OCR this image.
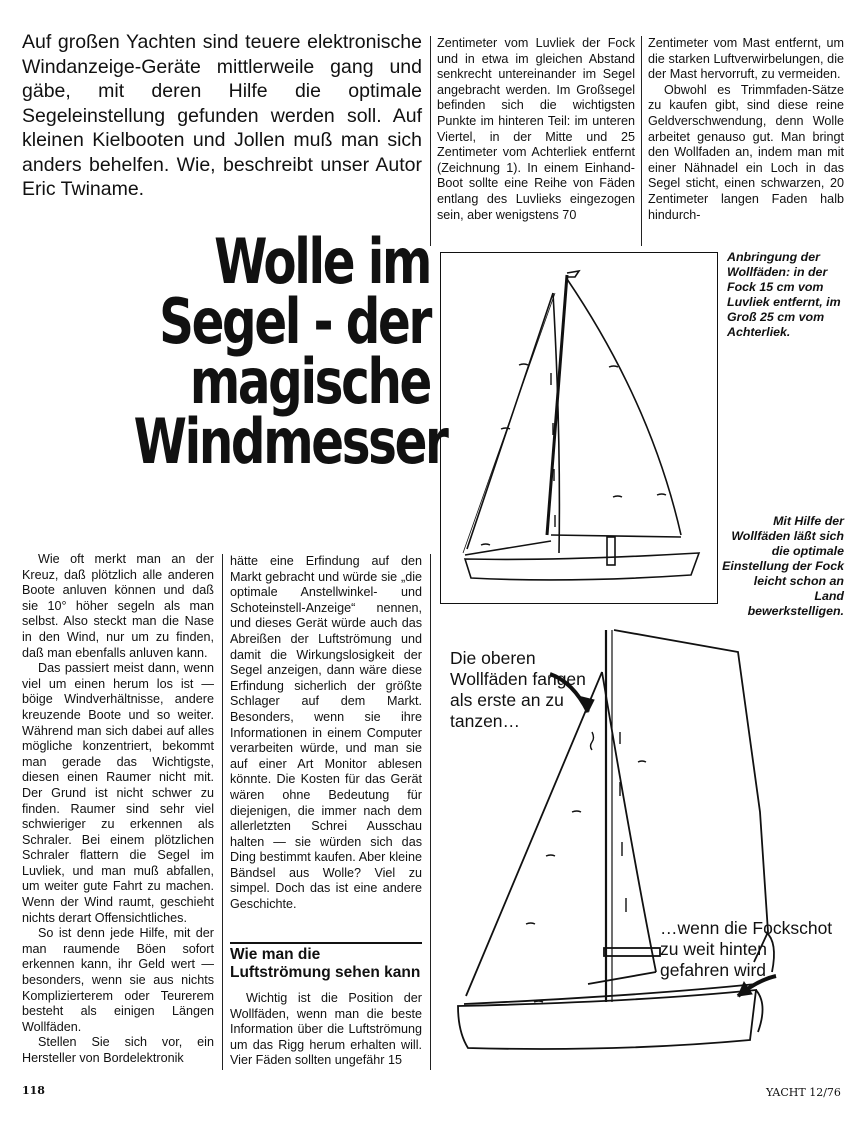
Auf großen Yachten sind teuere elektronische Windanzeige-Geräte mittlerweile gang und gäbe, mit deren Hilfe die optimale Segeleinstellung gefunden werden soll. Auf kleinen Kielbooten und Jollen muß man sich anders behelfen. Wie, beschreibt unser Autor Eric Twiname.
Wolle im
Segel - der
magische
Windmesser

Zentimeter vom Luvliek der Fock und in etwa im gleichen Abstand senkrecht untereinander im Segel angebracht werden. Im Großsegel befinden sich die wichtigsten Punkte im hinteren Teil: im unteren Viertel, in der Mitte und 25 Zentimeter vom Achterliek entfernt (Zeichnung 1). In einem Einhand-Boot sollte eine Reihe von Fäden entlang des Luvlieks eingezogen sein, aber wenigstens 70

Zentimeter vom Mast entfernt, um die starken Luftverwirbelungen, die der Mast hervorruft, zu vermeiden.

Obwohl es Trimmfaden-Sätze zu kaufen gibt, sind diese reine Geldverschwendung, denn Wolle arbeitet genauso gut. Man bringt den Wollfaden an, indem man mit einer Nähnadel ein Loch in das Segel sticht, einen schwarzen, 20 Zentimeter langen Faden halb hindurch-

Anbringung der Wollfäden: in der Fock 15 cm vom Luvliek entfernt, im Groß 25 cm vom Achterliek.
Mit Hilfe der Wollfäden läßt sich die optimale Einstellung der Fock leicht schon an Land bewerkstelligen.

Wie oft merkt man an der Kreuz, daß plötzlich alle anderen Boote anluven können und daß sie 10° höher segeln als man selbst. Also steckt man die Nase in den Wind, nur um zu finden, daß man ebenfalls anluven kann.

Das passiert meist dann, wenn viel um einen herum los ist — böige Windverhältnisse, andere kreuzende Boote und so weiter. Während man sich dabei auf alles mögliche konzentriert, bekommt man gerade das Wichtigste, diesen einen Raumer nicht mit. Der Grund ist nicht schwer zu finden. Raumer sind sehr viel schwieriger zu erkennen als Schraler. Bei einem plötzlichen Schraler flattern die Segel im Luvliek, und man muß abfallen, um weiter gute Fahrt zu machen. Wenn der Wind raumt, geschieht nichts derart Offensichtliches.

So ist denn jede Hilfe, mit der man raumende Böen sofort erkennen kann, ihr Geld wert — besonders, wenn sie aus nichts Komplizierterem oder Teurerem besteht als einigen Längen Wollfäden.

Stellen Sie sich vor, ein Hersteller von Bordelektronik

hätte eine Erfindung auf den Markt gebracht und würde sie „die optimale Anstellwinkel- und Schoteinstell-Anzeige“ nennen, und dieses Gerät würde auch das Abreißen der Luftströmung und damit die Wirkungslosigkeit der Segel anzeigen, dann wäre diese Erfindung sicherlich der größte Schlager auf dem Markt. Besonders, wenn sie ihre Informationen in einem Computer verarbeiten würde, und man sie auf einer Art Monitor ablesen könnte. Die Kosten für das Gerät wären ohne Bedeutung für diejenigen, die immer nach dem allerletzten Schrei Ausschau halten — sie würden sich das Ding bestimmt kaufen. Aber kleine Bändsel aus Wolle? Viel zu simpel. Doch das ist eine andere Geschichte.

Wie man die Luftströmung sehen kann

Wichtig ist die Position der Wollfäden, wenn man die beste Information über die Luftströmung um das Rigg herum erhalten will. Vier Fäden sollten ungefähr 15

Die oberen Wollfäden fangen als erste an zu tanzen…
…wenn die Fockschot zu weit hinten gefahren wird
118	YACHT 12/76
